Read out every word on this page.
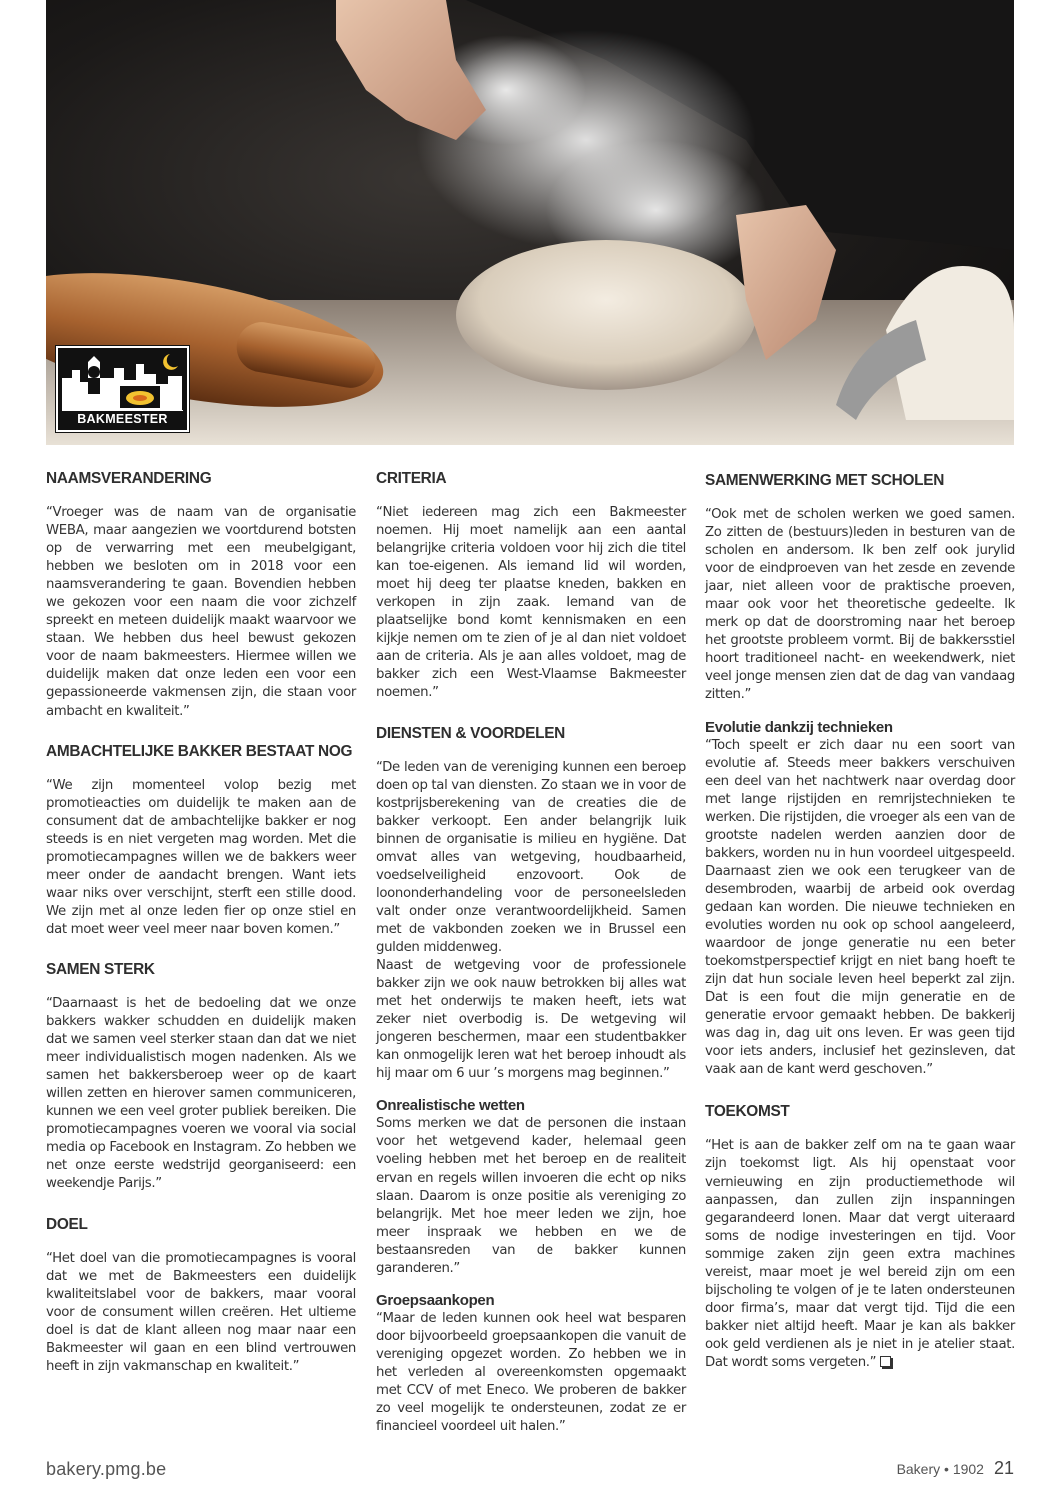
BAKMEESTER
NAAMSVERANDERING

“Vroeger was de naam van de organisatie WEBA, maar aangezien we voortdurend botsten op de verwarring met een meubelgigant, hebben we besloten om in 2018 voor een naamsverandering te gaan. Bovendien hebben we gekozen voor een naam die voor zichzelf spreekt en meteen duidelijk maakt waarvoor we staan. We hebben dus heel bewust gekozen voor de naam bakmeesters. Hiermee willen we duidelijk maken dat onze leden een voor een gepassioneerde vakmensen zijn, die staan voor ambacht en kwaliteit.”

AMBACHTELIJKE BAKKER BESTAAT NOG

“We zijn momenteel volop bezig met promotieacties om duidelijk te maken aan de consument dat de ambachtelijke bakker er nog steeds is en niet vergeten mag worden. Met die promotiecampagnes willen we de bakkers weer meer onder de aandacht brengen. Want iets waar niks over verschijnt, sterft een stille dood. We zijn met al onze leden fier op onze stiel en dat moet weer veel meer naar boven komen.”

SAMEN STERK

“Daarnaast is het de bedoeling dat we onze bakkers wakker schudden en duidelijk maken dat we samen veel sterker staan dan dat we niet meer individualistisch mogen nadenken. Als we samen het bakkersberoep weer op de kaart willen zetten en hierover samen communiceren, kunnen we een veel groter publiek bereiken. Die promotiecampagnes voeren we vooral via social media op Facebook en Instagram. Zo hebben we net onze eerste wedstrijd georganiseerd: een weekendje Parijs.”

DOEL

“Het doel van die promotiecampagnes is vooral dat we met de Bakmeesters een duidelijk kwaliteitslabel voor de bakkers, maar vooral voor de consument willen creëren. Het ultieme doel is dat de klant alleen nog maar naar een Bakmeester wil gaan en een blind vertrouwen heeft in zijn vakmanschap en kwaliteit.”

CRITERIA

“Niet iedereen mag zich een Bakmeester noemen. Hij moet namelijk aan een aantal belangrijke criteria voldoen voor hij zich die titel kan toe-eigenen. Als iemand lid wil worden, moet hij deeg ter plaatse kneden, bakken en verkopen in zijn zaak. Iemand van de plaatselijke bond komt kennismaken en een kijkje nemen om te zien of je al dan niet voldoet aan de criteria. Als je aan alles voldoet, mag de bakker zich een West-Vlaamse Bakmeester noemen.”

DIENSTEN & VOORDELEN

“De leden van de vereniging kunnen een beroep doen op tal van diensten. Zo staan we in voor de kostprijsberekening van de creaties die de bakker verkoopt. Een ander belangrijk luik binnen de organisatie is milieu en hygiëne. Dat omvat alles van wetgeving, houdbaarheid, voedselveiligheid enzovoort. Ook de loononderhandeling voor de personeelsleden valt onder onze verantwoordelijkheid. Samen met de vakbonden zoeken we in Brussel een gulden middenweg.

Naast de wetgeving voor de professionele bakker zijn we ook nauw betrokken bij alles wat met het onderwijs te maken heeft, iets wat zeker niet overbodig is. De wetgeving wil jongeren beschermen, maar een studentbakker kan onmogelijk leren wat het beroep inhoudt als hij maar om 6 uur ’s morgens mag beginnen.”

Onrealistische wetten

Soms merken we dat de personen die instaan voor het wetgevend kader, helemaal geen voeling hebben met het beroep en de realiteit ervan en regels willen invoeren die echt op niks slaan. Daarom is onze positie als vereniging zo belangrijk. Met hoe meer leden we zijn, hoe meer inspraak we hebben en we de bestaansreden van de bakker kunnen garanderen.”

Groepsaankopen

“Maar de leden kunnen ook heel wat besparen door bijvoorbeeld groepsaankopen die vanuit de vereniging opgezet worden. Zo hebben we in het verleden al overeenkomsten opgemaakt met CCV of met Eneco. We proberen de bakker zo veel mogelijk te ondersteunen, zodat ze er financieel voordeel uit halen.”

SAMENWERKING MET SCHOLEN

“Ook met de scholen werken we goed samen. Zo zitten de (bestuurs)leden in besturen van de scholen en andersom. Ik ben zelf ook jurylid voor de eindproeven van het zesde en zevende jaar, niet alleen voor de praktische proeven, maar ook voor het theoretische gedeelte. Ik merk op dat de doorstroming naar het beroep het grootste probleem vormt. Bij de bakkersstiel hoort traditioneel nacht- en weekendwerk, niet veel jonge mensen zien dat de dag van vandaag zitten.”

Evolutie dankzij technieken

“Toch speelt er zich daar nu een soort van evolutie af. Steeds meer bakkers verschuiven een deel van het nachtwerk naar overdag door met lange rijstijden en remrijstechnieken te werken. Die rijstijden, die vroeger als een van de grootste nadelen werden aanzien door de bakkers, worden nu in hun voordeel uitgespeeld. Daarnaast zien we ook een terugkeer van de desembroden, waarbij de arbeid ook overdag gedaan kan worden. Die nieuwe technieken en evoluties worden nu ook op school aangeleerd, waardoor de jonge generatie nu een beter toekomstperspectief krijgt en niet bang hoeft te zijn dat hun sociale leven heel beperkt zal zijn. Dat is een fout die mijn generatie en de generatie ervoor gemaakt hebben. De bakkerij was dag in, dag uit ons leven. Er was geen tijd voor iets anders, inclusief het gezinsleven, dat vaak aan de kant werd geschoven.”

TOEKOMST

“Het is aan de bakker zelf om na te gaan waar zijn toekomst ligt. Als hij openstaat voor vernieuwing en zijn productiemethode wil aanpassen, dan zullen zijn inspanningen gegarandeerd lonen. Maar dat vergt uiteraard soms de nodige investeringen en tijd. Voor sommige zaken zijn geen extra machines vereist, maar moet je wel bereid zijn om een bijscholing te volgen of je te laten ondersteunen door firma’s, maar dat vergt tijd. Tijd die een bakker niet altijd heeft. Maar je kan als bakker ook geld verdienen als je niet in je atelier staat. Dat wordt soms vergeten.”

bakery.pmg.be	Bakery • 1902 21
